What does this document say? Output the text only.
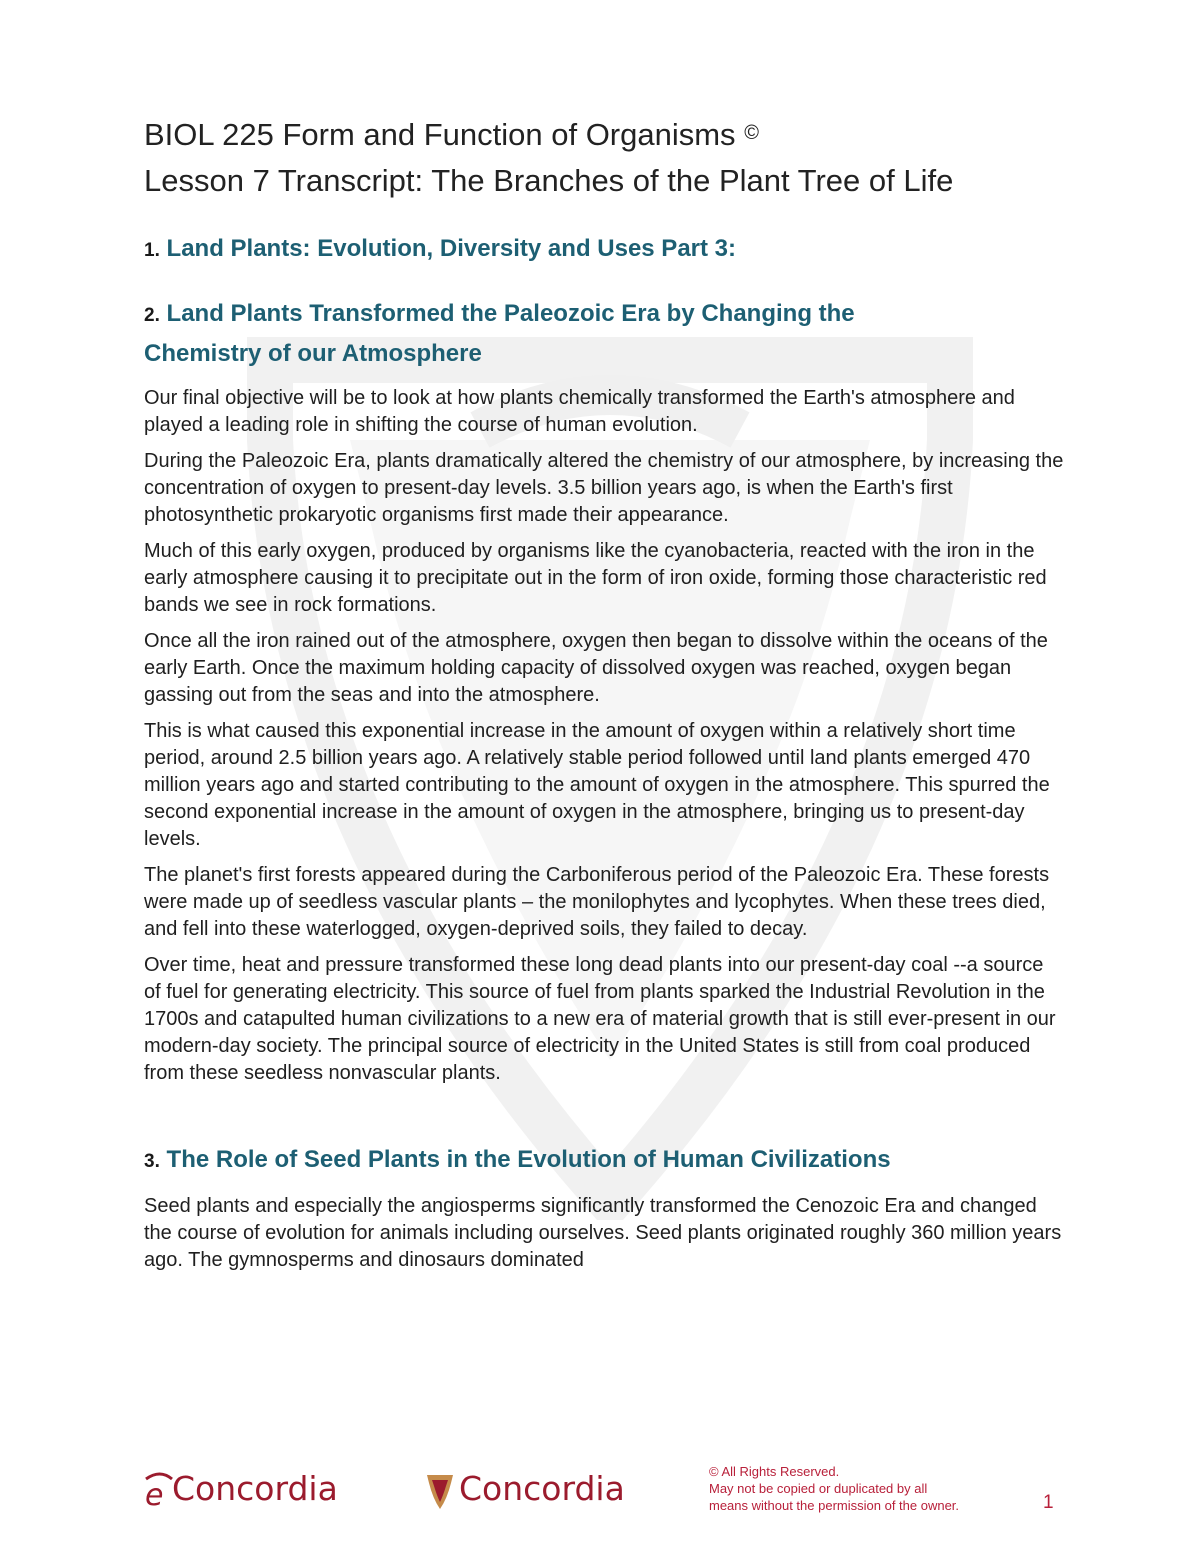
BIOL 225 Form and Function of Organisms ©
Lesson 7 Transcript: The Branches of the Plant Tree of Life
1. Land Plants: Evolution, Diversity and Uses Part 3:
2. Land Plants Transformed the Paleozoic Era by Changing the
Chemistry of our Atmosphere

Our final objective will be to look at how plants chemically transformed the Earth's atmosphere and played a leading role in shifting the course of human evolution.

During the Paleozoic Era, plants dramatically altered the chemistry of our atmosphere, by increasing the concentration of oxygen to present-day levels. 3.5 billion years ago, is when the Earth's first photosynthetic prokaryotic organisms first made their appearance.

Much of this early oxygen, produced by organisms like the cyanobacteria, reacted with the iron in the early atmosphere causing it to precipitate out in the form of iron oxide, forming those characteristic red bands we see in rock formations.

Once all the iron rained out of the atmosphere, oxygen then began to dissolve within the oceans of the early Earth. Once the maximum holding capacity of dissolved oxygen was reached, oxygen began gassing out from the seas and into the atmosphere.

This is what caused this exponential increase in the amount of oxygen within a relatively short time period, around 2.5 billion years ago. A relatively stable period followed until land plants emerged 470 million years ago and started contributing to the amount of oxygen in the atmosphere. This spurred the second exponential increase in the amount of oxygen in the atmosphere, bringing us to present-day levels.

The planet's first forests appeared during the Carboniferous period of the Paleozoic Era. These forests were made up of seedless vascular plants – the monilophytes and lycophytes. When these trees died, and fell into these waterlogged, oxygen-deprived soils, they failed to decay.

Over time, heat and pressure transformed these long dead plants into our present-day coal --a source of fuel for generating electricity. This source of fuel from plants sparked the Industrial Revolution in the 1700s and catapulted human civilizations to a new era of material growth that is still ever-present in our modern-day society. The principal source of electricity in the United States is still from coal produced from these seedless nonvascular plants.

3. The Role of Seed Plants in the Evolution of Human Civilizations

Seed plants and especially the angiosperms significantly transformed the Cenozoic Era and changed the course of evolution for animals including ourselves. Seed plants originated roughly 360 million years ago. The gymnosperms and dinosaurs dominated

e Concordia	Concordia	© All Rights Reserved.
May not be copied or duplicated by all
means without the permission of the owner.	1
